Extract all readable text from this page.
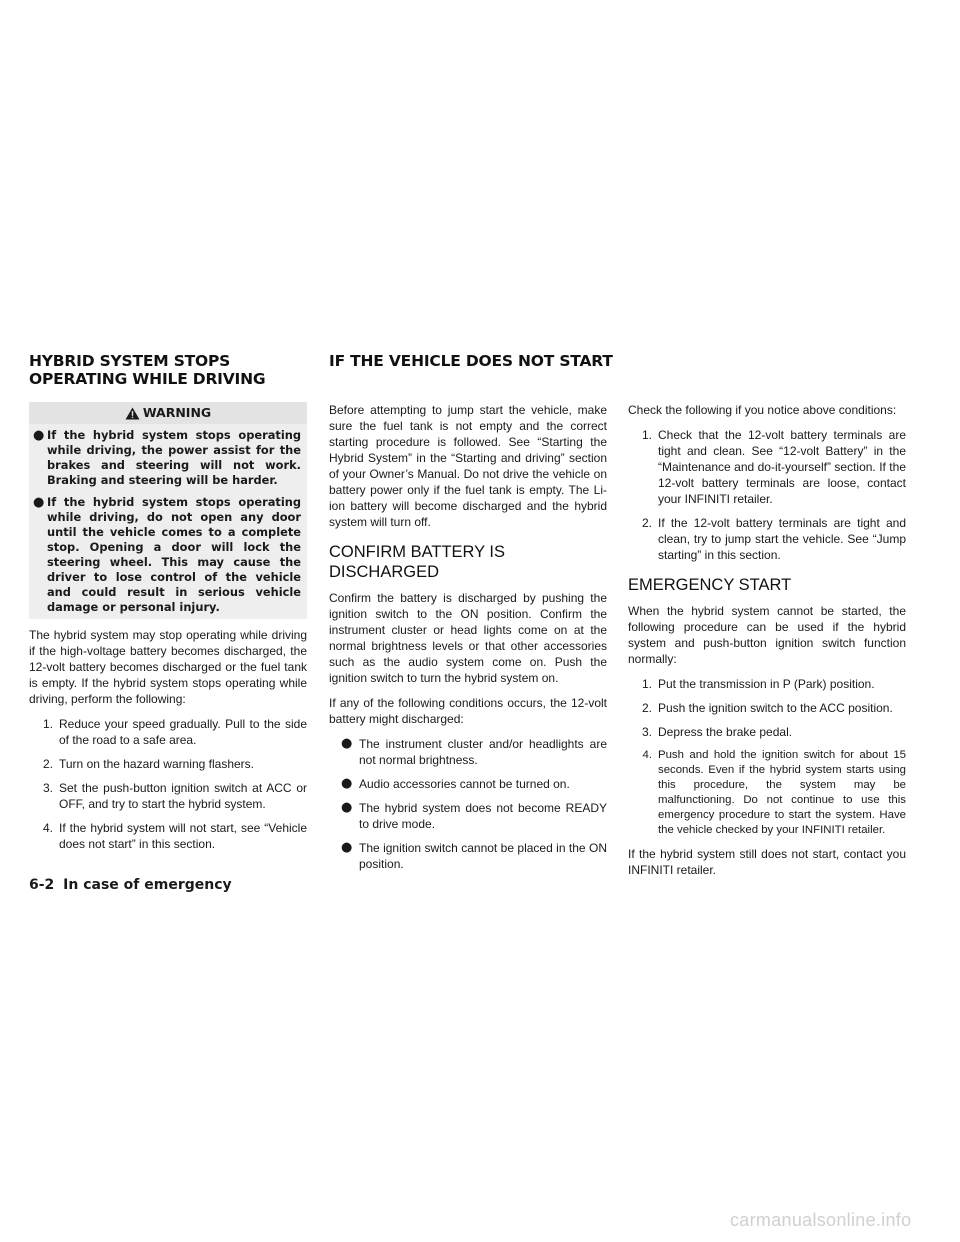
HYBRID SYSTEM STOPS OPERATING WHILE DRIVING
IF THE VEHICLE DOES NOT START
WARNING
● If the hybrid system stops operating while driving, the power assist for the brakes and steering will not work. Braking and steering will be harder.
● If the hybrid system stops operating while driving, do not open any door until the vehicle comes to a complete stop. Opening a door will lock the steering wheel. This may cause the driver to lose control of the vehicle and could result in serious vehicle damage or personal injury.

The hybrid system may stop operating while driving if the high-voltage battery becomes discharged, the 12-volt battery becomes discharged or the fuel tank is empty. If the hybrid system stops operating while driving, perform the following:

1. Reduce your speed gradually. Pull to the side of the road to a safe area.
2. Turn on the hazard warning flashers.
3. Set the push-button ignition switch at ACC or OFF, and try to start the hybrid system.
4. If the hybrid system will not start, see “Vehicle does not start” in this section.

Before attempting to jump start the vehicle, make sure the fuel tank is not empty and the correct starting procedure is followed. See “Starting the Hybrid System” in the “Starting and driving” section of your Owner’s Manual. Do not drive the vehicle on battery power only if the fuel tank is empty. The Li-ion battery will become discharged and the hybrid system will turn off.

CONFIRM BATTERY IS DISCHARGED

Confirm the battery is discharged by pushing the ignition switch to the ON position. Confirm the instrument cluster or head lights come on at the normal brightness levels or that other accessories such as the audio system come on. Push the ignition switch to turn the hybrid system on.

If any of the following conditions occurs, the 12-volt battery might discharged:

● The instrument cluster and/or headlights are not normal brightness.
● Audio accessories cannot be turned on.
● The hybrid system does not become READY to drive mode.
● The ignition switch cannot be placed in the ON position.

Check the following if you notice above conditions:

1. Check that the 12-volt battery terminals are tight and clean. See “12-volt Battery” in the “Maintenance and do-it-yourself” section. If the 12-volt battery terminals are loose, contact your INFINITI retailer.
2. If the 12-volt battery terminals are tight and clean, try to jump start the vehicle. See “Jump starting” in this section.
EMERGENCY START

When the hybrid system cannot be started, the following procedure can be used if the hybrid system and push-button ignition switch function normally:

1. Put the transmission in P (Park) position.
2. Push the ignition switch to the ACC position.
3. Depress the brake pedal.
4. Push and hold the ignition switch for about 15 seconds. Even if the hybrid system starts using this procedure, the system may be malfunctioning. Do not continue to use this emergency procedure to start the system. Have the vehicle checked by your INFINITI retailer.

If the hybrid system still does not start, contact you INFINITI retailer.

6-2 In case of emergency
carmanualsonline.info
